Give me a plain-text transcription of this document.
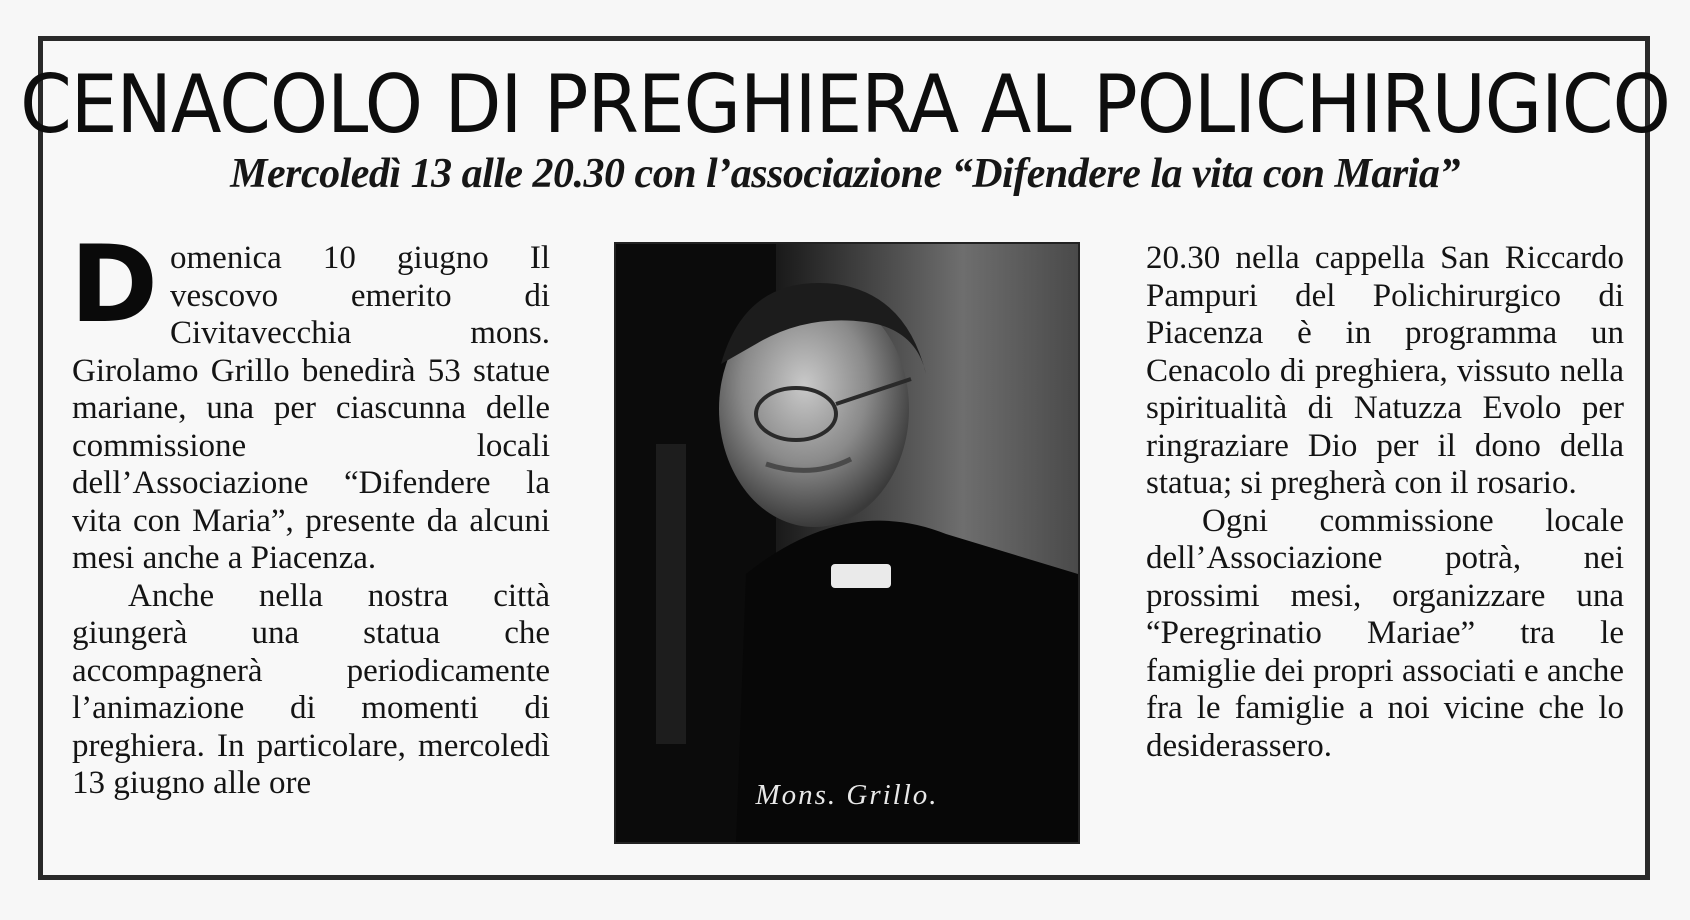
CENACOLO DI PREGHIERA AL POLICHIRUGICO
Mercoledì 13 alle 20.30 con l’associazione “Difendere la vita con Maria”

Domenica 10 giugno Il vescovo emerito di Civitavecchia mons. Girolamo Grillo benedirà 53 statue mariane, una per ciascunna delle commissione locali dell’Associazione “Difendere la vita con Maria”, presente da alcuni mesi anche a Piacenza.

Anche nella nostra città giungerà una statua che accompagnerà periodicamente l’animazione di momenti di preghiera. In particolare, mercoledì 13 giugno alle ore	Mons. Grillo.

20.30 nella cappella San Riccardo Pampuri del Polichirurgico di Piacenza è in programma un Cenacolo di preghiera, vissuto nella spiritualità di Natuzza Evolo per ringraziare Dio per il dono della statua; si pregherà con il rosario.

Ogni commissione locale dell’Associazione potrà, nei prossimi mesi, organizzare una “Peregrinatio Mariae” tra le famiglie dei propri associati e anche fra le famiglie a noi vicine che lo desiderassero.
